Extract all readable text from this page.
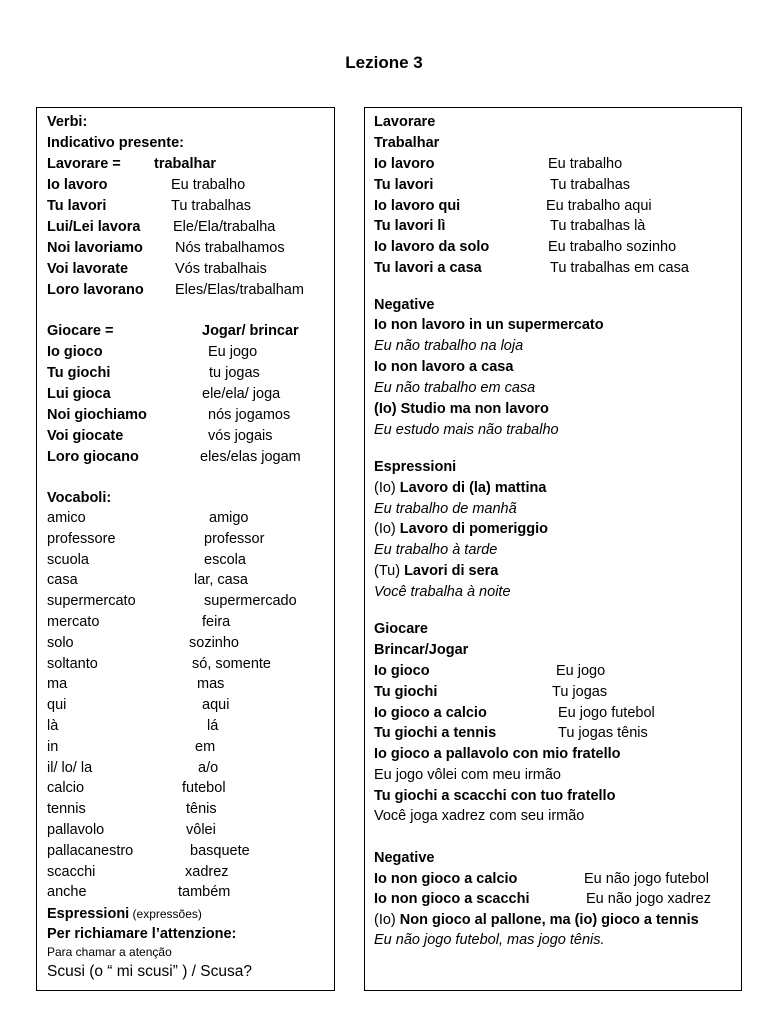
Lezione 3
Verbi:
Indicativo presente:
Lavorare = trabalhar
Io lavoro	Eu trabalho
Tu lavori	Tu trabalhas
Lui/Lei lavora Ele/Ela/trabalha
Noi lavoriamo Nós trabalhamos
Voi lavorate	Vós trabalhais
Loro lavorano Eles/Elas/trabalham
Giocare =	Jogar/ brincar
Io gioco	Eu jogo
Tu giochi	tu jogas
Lui gioca	ele/ela/ joga
Noi giochiamo	nós jogamos
Voi giocate	vós jogais
Loro giocano	eles/elas jogam
Vocaboli:
amico	amigo
professore	professor
scuola	escola
casa	lar, casa
supermercato	supermercado
mercato	feira
solo	sozinho
soltanto	só, somente
ma	mas
qui	aqui
là	lá
in	em
il/ lo/ la	a/o
calcio	futebol
tennis	tênis
pallavolo	vôlei
pallacanestro	basquete
scacchi	xadrez
anche	também
Espressioni (expressões)
Per richiamare l’attenzione:
Para chamar a atenção
Scusi (o “ mi scusi” ) / Scusa?
Lavorare
Trabalhar
Io lavoro	Eu trabalho
Tu lavori	Tu trabalhas
Io lavoro qui	Eu trabalho aqui
Tu lavori lì	Tu trabalhas là
Io lavoro da solo	Eu trabalho sozinho
Tu lavori a casa	Tu trabalhas em casa
Negative
Io non lavoro in un supermercato
Eu não trabalho na loja
Io non lavoro a casa
Eu não trabalho em casa
(Io) Studio ma non lavoro
Eu estudo mais não trabalho
Espressioni
(Io) Lavoro di (la) mattina
Eu trabalho de manhã
(Io) Lavoro di pomeriggio
Eu trabalho à tarde
(Tu) Lavori di sera
Você trabalha à noite
Giocare
Brincar/Jogar
Io gioco	Eu jogo
Tu giochi	Tu jogas
Io gioco a calcio	Eu jogo futebol
Tu giochi a tennis	Tu jogas tênis
Io gioco a pallavolo con mio fratello
Eu jogo vôlei com meu irmão
Tu giochi a scacchi con tuo fratello
Você joga xadrez com seu irmão
Negative
Io non gioco a calcio	Eu não jogo futebol
Io non gioco a scacchi	Eu não jogo xadrez
(Io) Non gioco al pallone, ma (io) gioco a tennis
Eu não jogo futebol, mas jogo tênis.
